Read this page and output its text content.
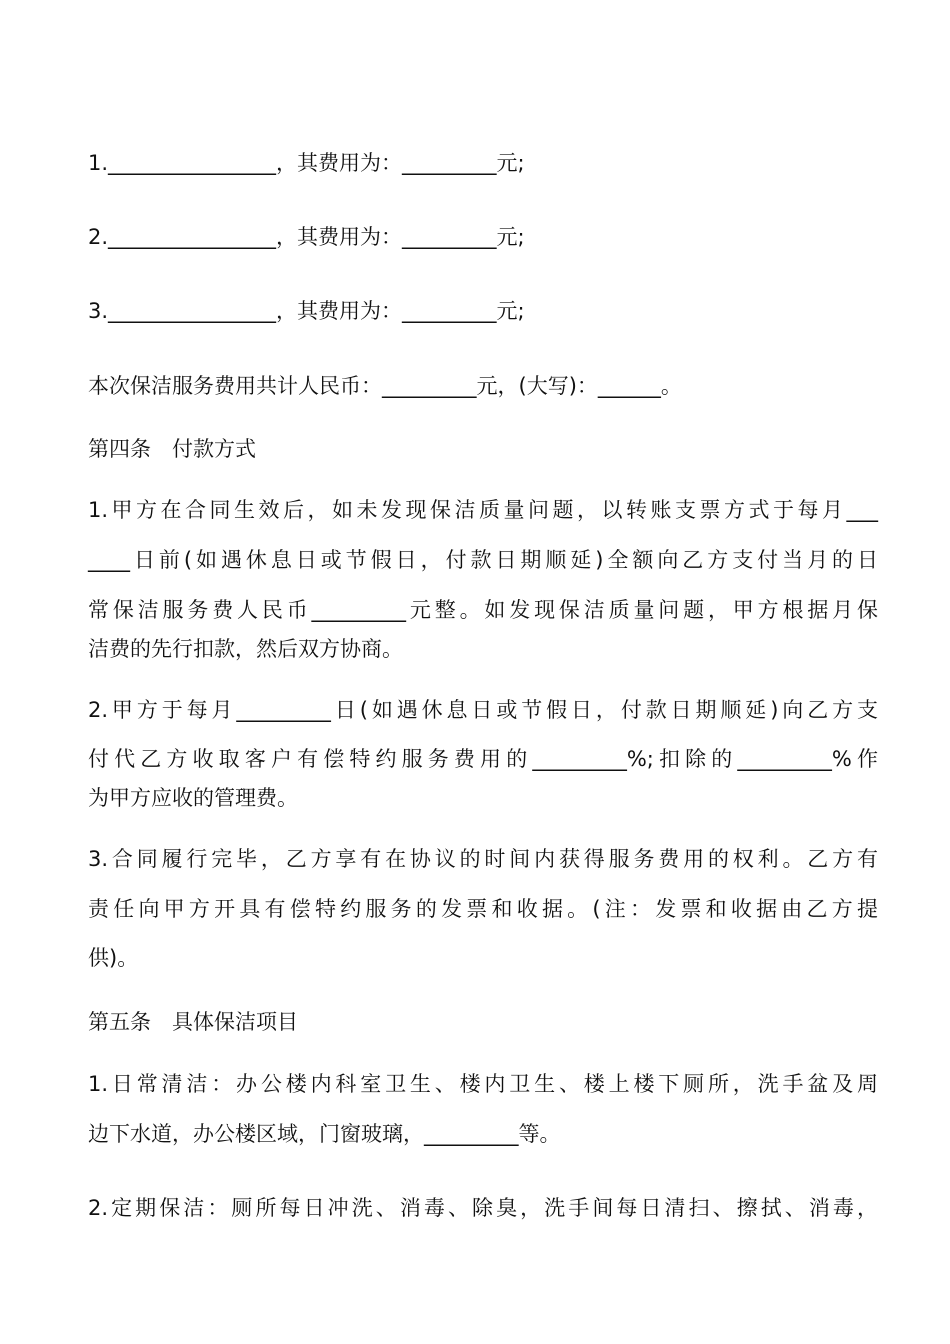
1.________________，其费用为：_________元;
2.________________，其费用为：_________元;
3.________________，其费用为：_________元;
本次保洁服务费用共计人民币：_________元，(大写)：______。
第四条　付款方式
1.甲方在合同生效后，如未发现保洁质量问题，以转账支票方式于每月___
____日前(如遇休息日或节假日，付款日期顺延)全额向乙方支付当月的日
常保洁服务费人民币_________元整。如发现保洁质量问题，甲方根据月保
洁费的先行扣款，然后双方协商。
2.甲方于每月_________日(如遇休息日或节假日，付款日期顺延)向乙方支
付代乙方收取客户有偿特约服务费用的_________%;扣除的_________%作
为甲方应收的管理费。
3.合同履行完毕，乙方享有在协议的时间内获得服务费用的权利。乙方有
责任向甲方开具有偿特约服务的发票和收据。(注：发票和收据由乙方提
供)。
第五条　具体保洁项目
1.日常清洁：办公楼内科室卫生、楼内卫生、楼上楼下厕所，洗手盆及周
边下水道，办公楼区域，门窗玻璃，_________等。
2.定期保洁：厕所每日冲洗、消毒、除臭，洗手间每日清扫、擦拭、消毒，
